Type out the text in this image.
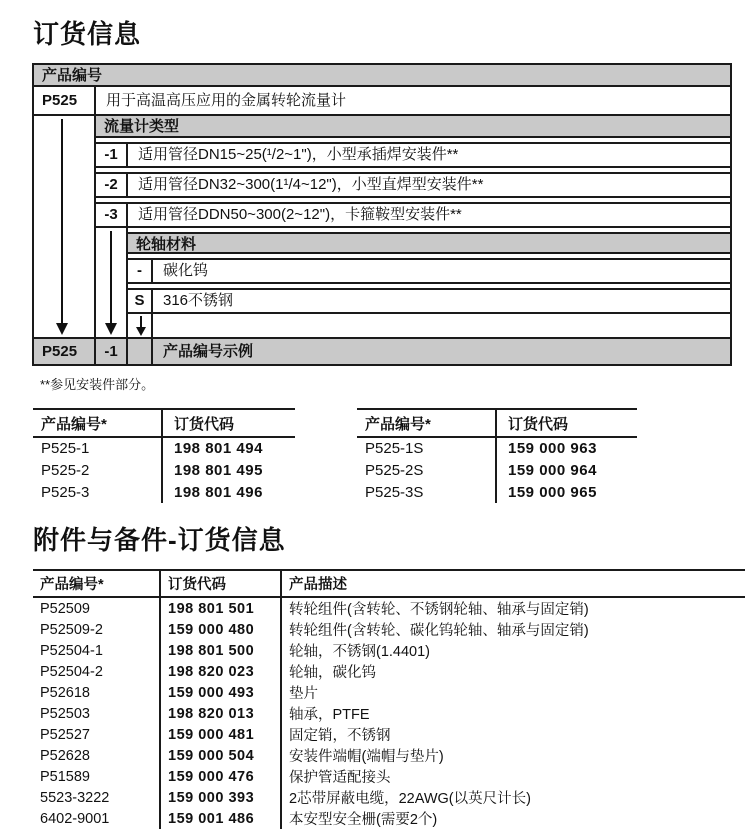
订货信息
产品编号
P525	用于高温高压应用的金属转轮流量计
流量计类型
-1	适用管径DN15~25(¹/2~1")，小型承插焊安装件**
-2	适用管径DN32~300(1¹/4~12")，小型直焊型安装件**
-3	适用管径DDN50~300(2~12")，卡箍鞍型安装件**
轮轴材料
-	碳化钨
S	316不锈钢
P525	-1	产品编号示例
**参见安装件部分。
产品编号*	订货代码
P525-1	198 801 494
P525-2	198 801 495
P525-3	198 801 496
产品编号*	订货代码
P525-1S	159 000 963
P525-2S	159 000 964
P525-3S	159 000 965
附件与备件-订货信息
产品编号*	订货代码	产品描述
P52509	198 801 501	转轮组件(含转轮、不锈钢轮轴、轴承与固定销)
P52509-2	159 000 480	转轮组件(含转轮、碳化钨轮轴、轴承与固定销)
P52504-1	198 801 500	轮轴，不锈钢(1.4401)
P52504-2	198 820 023	轮轴，碳化钨
P52618	159 000 493	垫片
P52503	198 820 013	轴承，PTFE
P52527	159 000 481	固定销，不锈钢
P52628	159 000 504	安装件端帽(端帽与垫片)
P51589	159 000 476	保护管适配接头
5523-3222	159 000 393	2芯带屏蔽电缆，22AWG(以英尺计长)
6402-9001	159 001 486	本安型安全栅(需要2个)
